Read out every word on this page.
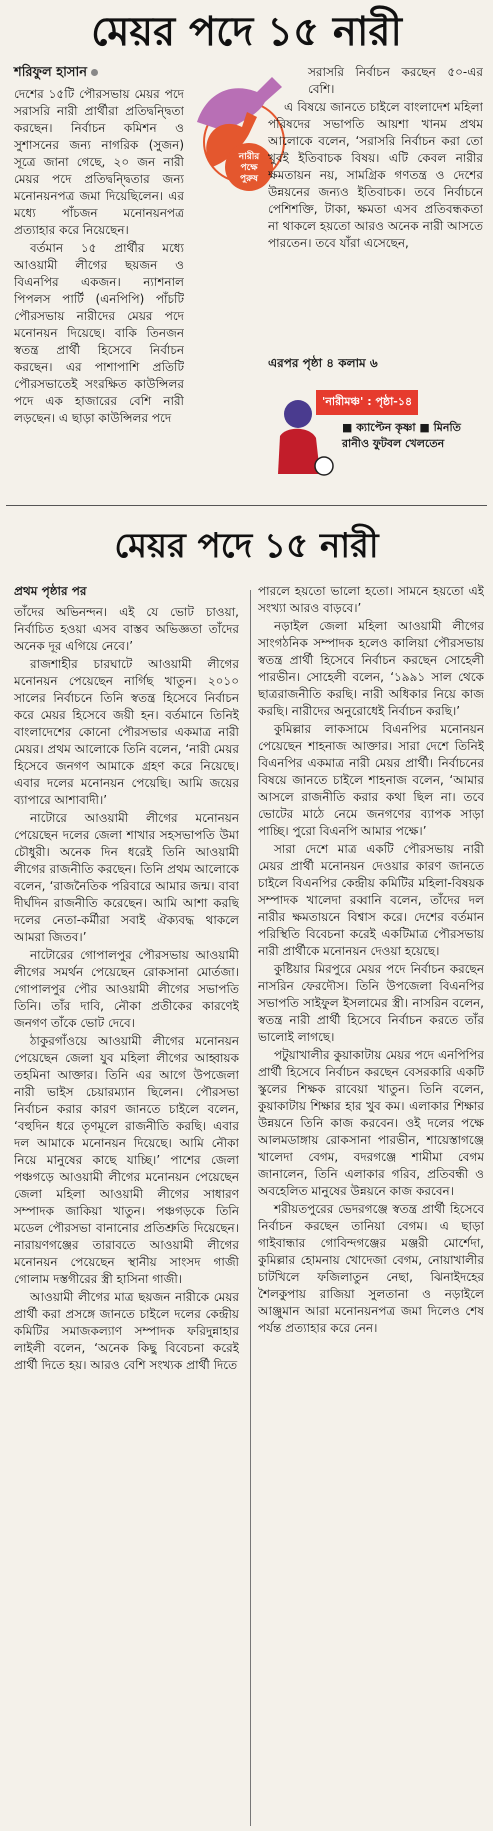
মেয়র পদে ১৫ নারী
শরিফুল হাসান

দেশের ১৫টি পৌরসভায় মেয়র পদে সরাসরি নারী প্রার্থীরা প্রতিদ্বন্দ্বিতা করছেন। নির্বাচন কমিশন ও সুশাসনের জন্য নাগরিক (সুজন) সূত্রে জানা গেছে, ২০ জন নারী মেয়র পদে প্রতিদ্বন্দ্বিতার জন্য মনোনয়নপত্র জমা দিয়েছিলেন। এর মধ্যে পাঁচজন মনোনয়নপত্র প্রত্যাহার করে নিয়েছেন।

বর্তমান ১৫ প্রার্থীর মধ্যে আওয়ামী লীগের ছয়জন ও বিএনপির একজন। ন্যাশনাল পিপলস পার্টি (এনপিপি) পাঁচটি পৌরসভায় নারীদের মেয়র পদে মনোনয়ন দিয়েছে। বাকি তিনজন স্বতন্ত্র প্রার্থী হিসেবে নির্বাচন করছেন। এর পাশাপাশি প্রতিটি পৌরসভাতেই সংরক্ষিত কাউন্সিলর পদে এক হাজারের বেশি নারী লড়ছেন। এ ছাড়া কাউন্সিলর পদে

নারীর পক্ষে পুরুষ

সরাসরি নির্বাচন করছেন ৫০-এর বেশি।

এ বিষয়ে জানতে চাইলে বাংলাদেশ মহিলা পরিষদের সভাপতি আয়শা খানম প্রথম আলোকে বলেন, ‘সরাসরি নির্বাচন করা তো খুবই ইতিবাচক বিষয়। এটি কেবল নারীর ক্ষমতায়ন নয়, সামগ্রিক গণতন্ত্র ও দেশের উন্নয়নের জন্যও ইতিবাচক। তবে নির্বাচনে পেশিশক্তি, টাকা, ক্ষমতা এসব প্রতিবন্ধকতা না থাকলে হয়তো আরও অনেক নারী আসতে পারতেন। তবে যাঁরা এসেছেন,

এরপর পৃষ্ঠা ৪ কলাম ৬
'নারীমঞ্চ' : পৃষ্ঠা-১৪
■ ক্যাপ্টেন কৃষ্ণা ■ মিনতি রানীও ফুটবল খেলতেন
মেয়র পদে ১৫ নারী
প্রথম পৃষ্ঠার পর

তাঁদের অভিনন্দন। এই যে ভোট চাওয়া, নির্বাচিত হওয়া এসব বাস্তব অভিজ্ঞতা তাঁদের অনেক দূর এগিয়ে নেবে।’

রাজশাহীর চারঘাটে আওয়ামী লীগের মনোনয়ন পেয়েছেন নার্গিছ খাতুন। ২০১০ সালের নির্বাচনে তিনি স্বতন্ত্র হিসেবে নির্বাচন করে মেয়র হিসেবে জয়ী হন। বর্তমানে তিনিই বাংলাদেশের কোনো পৌরসভার একমাত্র নারী মেয়র। প্রথম আলোকে তিনি বলেন, ‘নারী মেয়র হিসেবে জনগণ আমাকে গ্রহণ করে নিয়েছে। এবার দলের মনোনয়ন পেয়েছি। আমি জয়ের ব্যাপারে আশাবাদী।’

নাটোরে আওয়ামী লীগের মনোনয়ন পেয়েছেন দলের জেলা শাখার সহসভাপতি উমা চৌধুরী। অনেক দিন ধরেই তিনি আওয়ামী লীগের রাজনীতি করছেন। তিনি প্রথম আলোকে বলেন, ‘রাজনৈতিক পরিবারে আমার জন্ম। বাবা দীর্ঘদিন রাজনীতি করেছেন। আমি আশা করছি দলের নেতা-কর্মীরা সবাই ঐক্যবদ্ধ থাকলে আমরা জিতব।’

নাটোরের গোপালপুর পৌরসভায় আওয়ামী লীগের সমর্থন পেয়েছেন রোকসানা মোর্তজা। গোপালপুর পৌর আওয়ামী লীগের সভাপতি তিনি। তাঁর দাবি, নৌকা প্রতীকের কারণেই জনগণ তাঁকে ভোট দেবে।

ঠাকুরগাঁওয়ে আওয়ামী লীগের মনোনয়ন পেয়েছেন জেলা যুব মহিলা লীগের আহ্বায়ক তহমিনা আক্তার। তিনি এর আগে উপজেলা নারী ভাইস চেয়ারম্যান ছিলেন। পৌরসভা নির্বাচন করার কারণ জানতে চাইলে বলেন, ‘বহুদিন ধরে তৃণমূলে রাজনীতি করছি। এবার দল আমাকে মনোনয়ন দিয়েছে। আমি নৌকা নিয়ে মানুষের কাছে যাচ্ছি।’ পাশের জেলা পঞ্চগড়ে আওয়ামী লীগের মনোনয়ন পেয়েছেন জেলা মহিলা আওয়ামী লীগের সাধারণ সম্পাদক জাকিয়া খাতুন। পঞ্চগড়কে তিনি মডেল পৌরসভা বানানোর প্রতিশ্রুতি দিয়েছেন। নারায়ণগঞ্জের তারাবতে আওয়ামী লীগের মনোনয়ন পেয়েছেন স্থানীয় সাংসদ গাজী গোলাম দস্তগীরের স্ত্রী হাসিনা গাজী।

আওয়ামী লীগের মাত্র ছয়জন নারীকে মেয়র প্রার্থী করা প্রসঙ্গে জানতে চাইলে দলের কেন্দ্রীয় কমিটির সমাজকল্যাণ সম্পাদক ফরিদুন্নাহার লাইলী বলেন, ‘অনেক কিছু বিবেচনা করেই প্রার্থী দিতে হয়। আরও বেশি সংখ্যক প্রার্থী দিতে

পারলে হয়তো ভালো হতো। সামনে হয়তো এই সংখ্যা আরও বাড়বে।’

নড়াইল জেলা মহিলা আওয়ামী লীগের সাংগঠনিক সম্পাদক হলেও কালিয়া পৌরসভায় স্বতন্ত্র প্রার্থী হিসেবে নির্বাচন করছেন সোহেলী পারভীন। সোহেলী বলেন, ‘১৯৯১ সাল থেকে ছাত্ররাজনীতি করছি। নারী অধিকার নিয়ে কাজ করছি। নারীদের অনুরোধেই নির্বাচন করছি।’

কুমিল্লার লাকসামে বিএনপির মনোনয়ন পেয়েছেন শাহনাজ আক্তার। সারা দেশে তিনিই বিএনপির একমাত্র নারী মেয়র প্রার্থী। নির্বাচনের বিষয়ে জানতে চাইলে শাহনাজ বলেন, ‘আমার আসলে রাজনীতি করার কথা ছিল না। তবে ভোটের মাঠে নেমে জনগণের ব্যাপক সাড়া পাচ্ছি। পুরো বিএনপি আমার পক্ষে।’

সারা দেশে মাত্র একটি পৌরসভায় নারী মেয়র প্রার্থী মনোনয়ন দেওয়ার কারণ জানতে চাইলে বিএনপির কেন্দ্রীয় কমিটির মহিলা-বিষয়ক সম্পাদক খালেদা রব্বানি বলেন, তাঁদের দল নারীর ক্ষমতায়নে বিশ্বাস করে। দেশের বর্তমান পরিস্থিতি বিবেচনা করেই একটিমাত্র পৌরসভায় নারী প্রার্থীকে মনোনয়ন দেওয়া হয়েছে।

কুষ্টিয়ার মিরপুরে মেয়র পদে নির্বাচন করছেন নাসরিন ফেরদৌস। তিনি উপজেলা বিএনপির সভাপতি সাইফুল ইসলামের স্ত্রী। নাসরিন বলেন, স্বতন্ত্র নারী প্রার্থী হিসেবে নির্বাচন করতে তাঁর ভালোই লাগছে।

পটুয়াখালীর কুয়াকাটায় মেয়র পদে এনপিপির প্রার্থী হিসেবে নির্বাচন করছেন বেসরকারি একটি স্কুলের শিক্ষক রাবেয়া খাতুন। তিনি বলেন, কুয়াকাটায় শিক্ষার হার খুব কম। এলাকার শিক্ষার উন্নয়নে তিনি কাজ করবেন। ওই দলের পক্ষে আলমডাঙ্গায় রোকসানা পারভীন, শায়েস্তাগঞ্জে খালেদা বেগম, বদরগঞ্জে শামীমা বেগম জানালেন, তিনি এলাকার গরিব, প্রতিবন্ধী ও অবহেলিত মানুষের উন্নয়নে কাজ করবেন।

শরীয়তপুরের ভেদরগঞ্জে স্বতন্ত্র প্রার্থী হিসেবে নির্বাচন করছেন তানিয়া বেগম। এ ছাড়া গাইবান্ধার গোবিন্দগঞ্জের মঞ্জরী মোর্শেদা, কুমিল্লার হোমনায় খোদেজা বেগম, নোয়াখালীর চাটখিলে ফজিলাতুন নেছা, ঝিনাইদহের শৈলকুপায় রাজিয়া সুলতানা ও নড়াইলে আঞ্জুমান আরা মনোনয়নপত্র জমা দিলেও শেষ পর্যন্ত প্রত্যাহার করে নেন।
